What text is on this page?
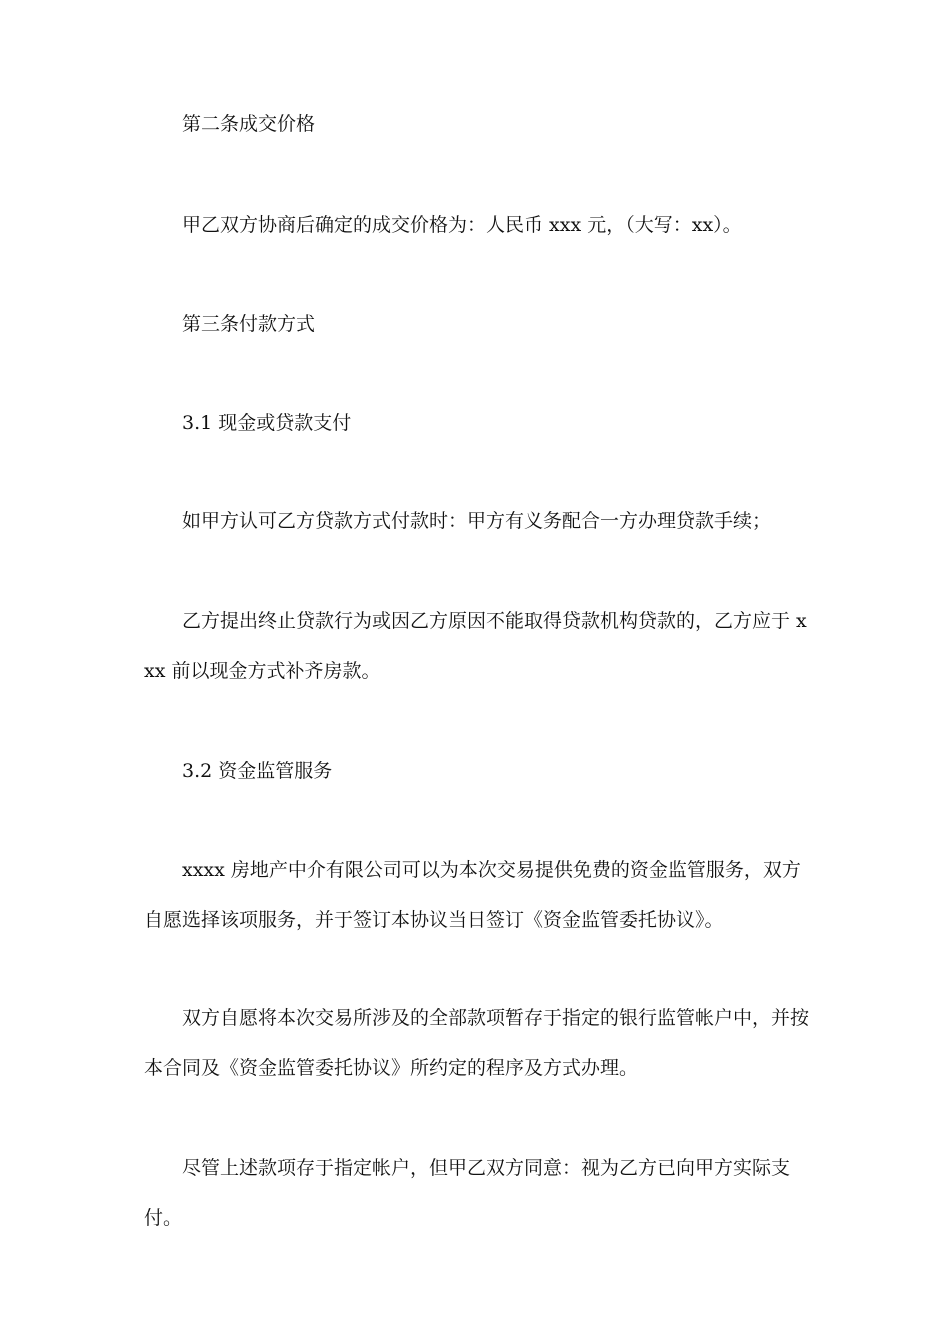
第二条成交价格

甲乙双方协商后确定的成交价格为：人民币 xxx 元，（大写：xx）。

第三条付款方式

3.1 现金或贷款支付

如甲方认可乙方贷款方式付款时：甲方有义务配合一方办理贷款手续；

乙方提出终止贷款行为或因乙方原因不能取得贷款机构贷款的，乙方应于 xxx 前以现金方式补齐房款。

3.2 资金监管服务

xxxx 房地产中介有限公司可以为本次交易提供免费的资金监管服务，双方自愿选择该项服务，并于签订本协议当日签订《资金监管委托协议》。

双方自愿将本次交易所涉及的全部款项暂存于指定的银行监管帐户中，并按本合同及《资金监管委托协议》所约定的程序及方式办理。

尽管上述款项存于指定帐户，但甲乙双方同意：视为乙方已向甲方实际支付。
